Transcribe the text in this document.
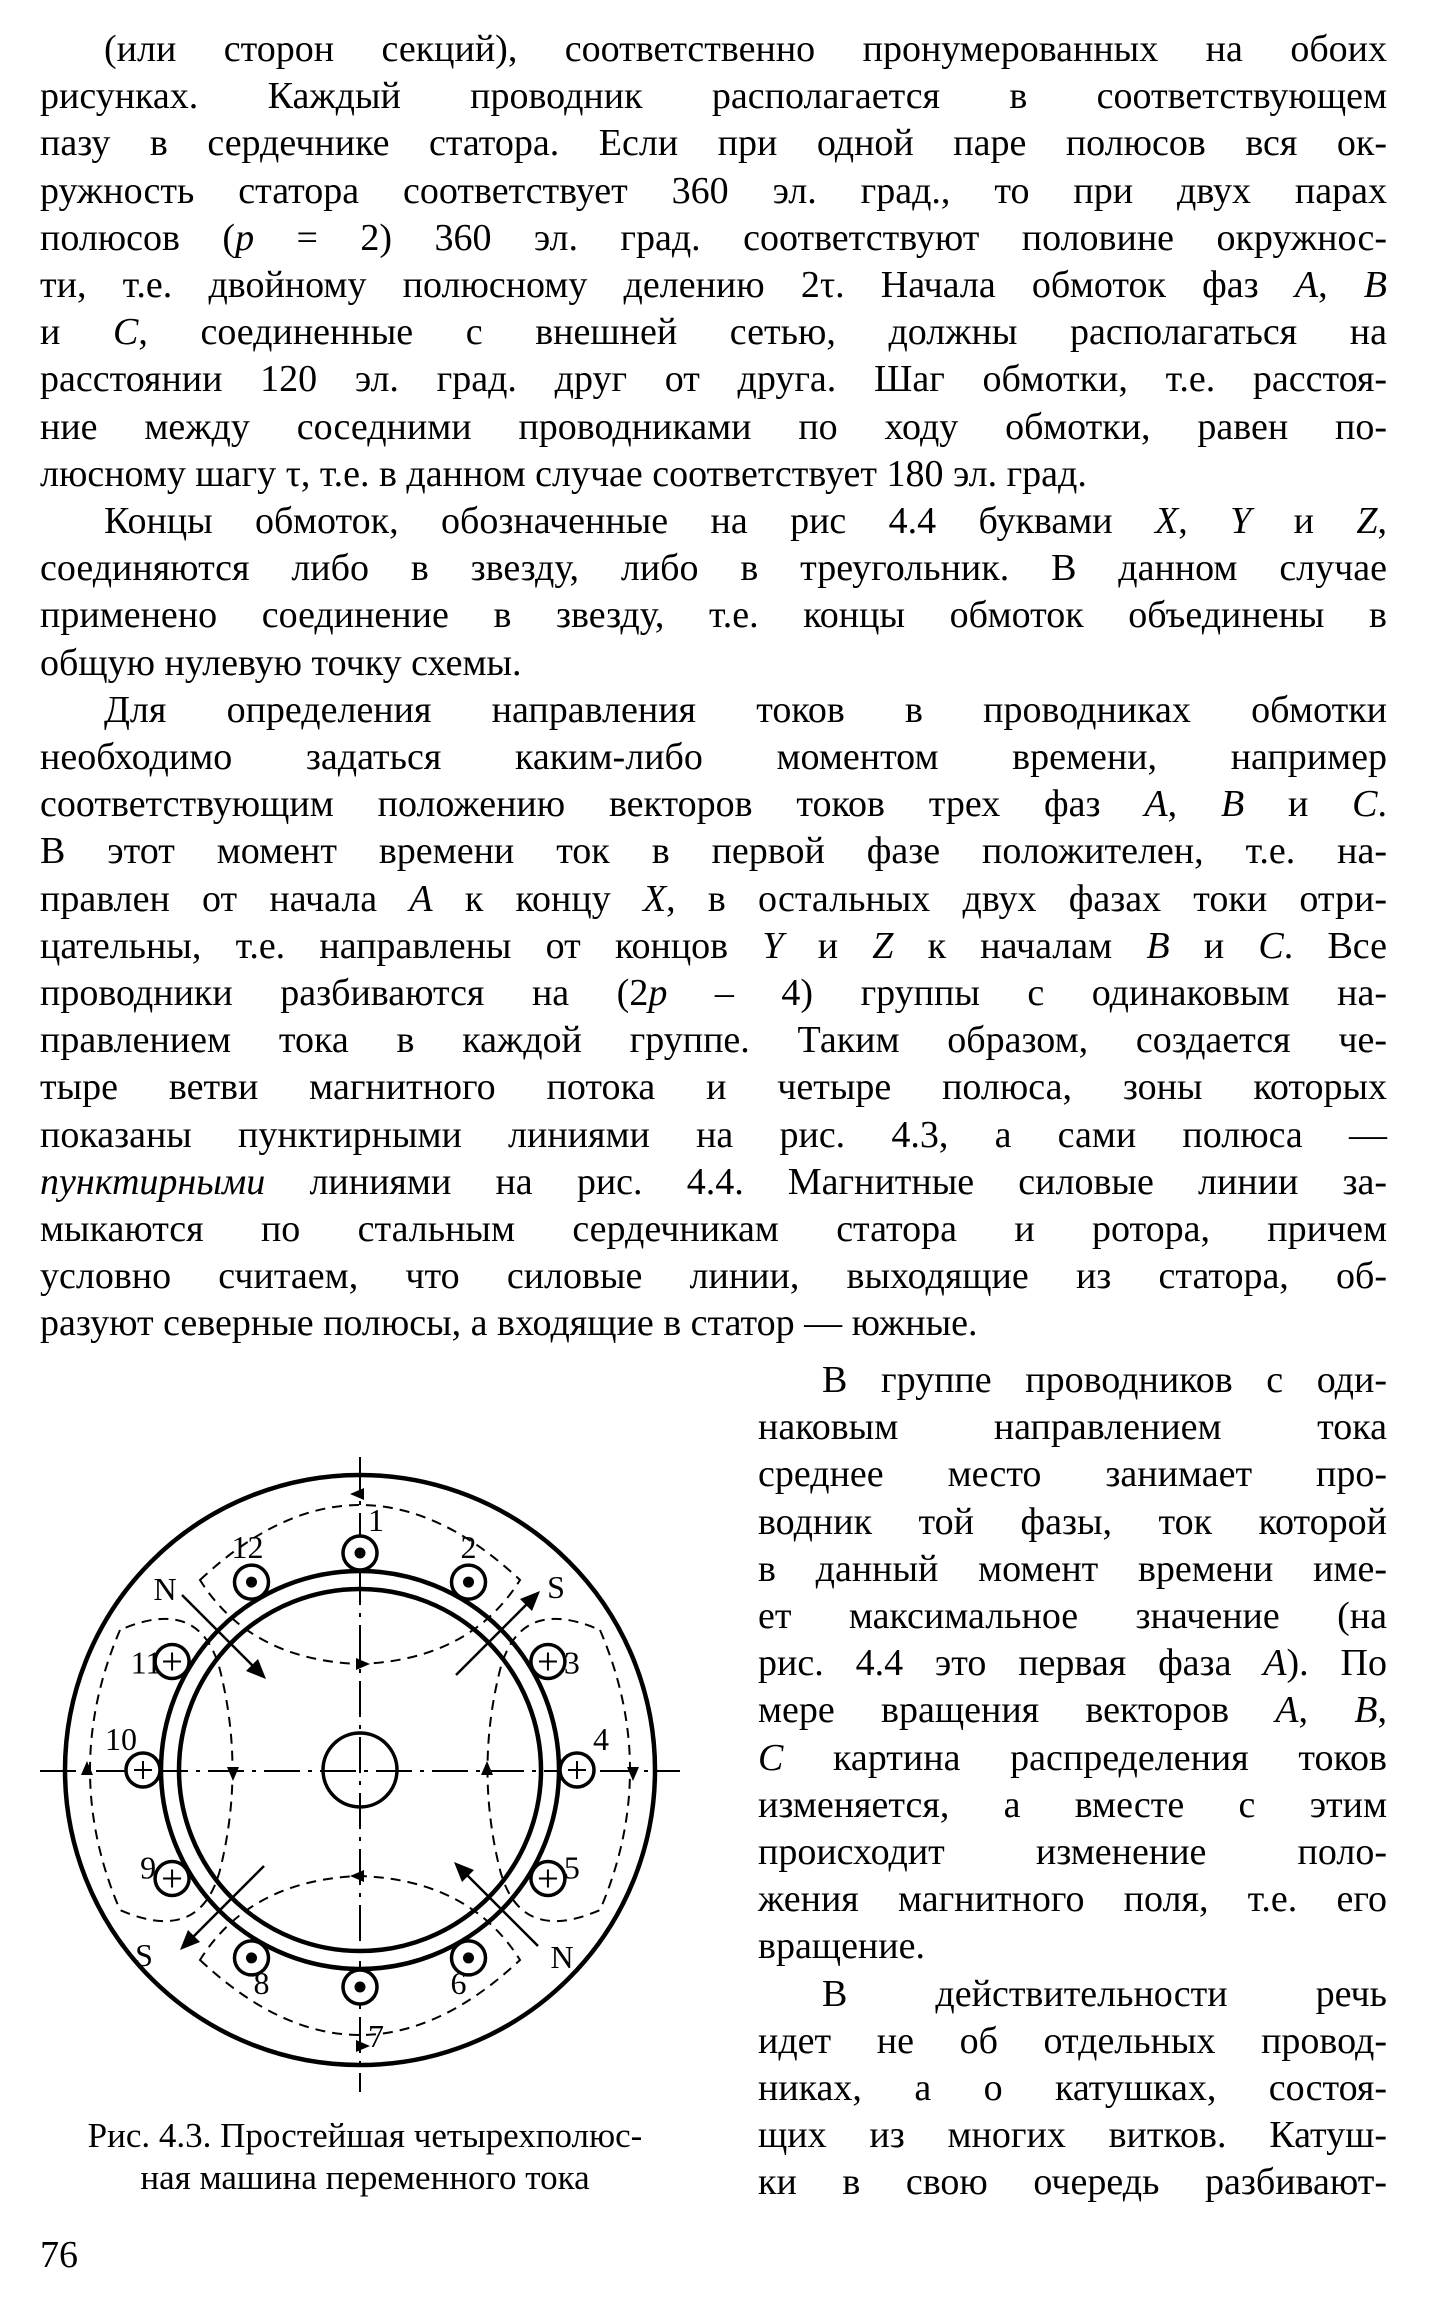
(или сторон секций), соответственно пронумерованных на обоих
рисунках. Каждый проводник располагается в соответствующем
пазу в сердечнике статора. Если при одной паре полюсов вся ок-
ружность статора соответствует 360 эл. град., то при двух парах
полюсов (p = 2) 360 эл. град. соответствуют половине окружнос-
ти, т.е. двойному полюсному делению 2τ. Начала обмоток фаз A, B
и C, соединенные с внешней сетью, должны располагаться на
расстоянии 120 эл. град. друг от друга. Шаг обмотки, т.е. расстоя-
ние между соседними проводниками по ходу обмотки, равен по-
люсному шагу τ, т.е. в данном случае соответствует 180 эл. град.
Концы обмоток, обозначенные на рис 4.4 буквами X, Y и Z,
соединяются либо в звезду, либо в треугольник. В данном случае
применено соединение в звезду, т.е. концы обмоток объединены в
общую нулевую точку схемы.
Для определения направления токов в проводниках обмотки
необходимо задаться каким-либо моментом времени, например
соответствующим положению векторов токов трех фаз A, B и C.
В этот момент времени ток в первой фазе положителен, т.е. на-
правлен от начала A к концу X, в остальных двух фазах токи отри-
цательны, т.е. направлены от концов Y и Z к началам B и C. Все
проводники разбиваются на (2p – 4) группы с одинаковым на-
правлением тока в каждой группе. Таким образом, создается че-
тыре ветви магнитного потока и четыре полюса, зоны которых
показаны пунктирными линиями на рис. 4.3, а сами полюса —
пунктирными линиями на рис. 4.4. Магнитные силовые линии за-
мыкаются по стальным сердечникам статора и ротора, причем
условно считаем, что силовые линии, выходящие из статора, об-
разуют северные полюсы, а входящие в статор — южные.
В группе проводников с оди-
наковым направлением тока
среднее место занимает про-
водник той фазы, ток которой
в данный момент времени име-
ет максимальное значение (на
рис. 4.4 это первая фаза A). По
мере вращения векторов A, B,
C картина распределения токов
изменяется, а вместе с этим
происходит изменение поло-
жения магнитного поля, т.е. его
вращение.
В действительности речь
идет не об отдельных провод-
никах, а о катушках, состоя-
щих из многих витков. Катуш-
ки в свою очередь разбивают-
1
2
3
4
5
6
7
8
9
10
11
12
N	S
N
S
Рис. 4.3. Простейшая четырехполюс-
ная машина переменного тока
76
